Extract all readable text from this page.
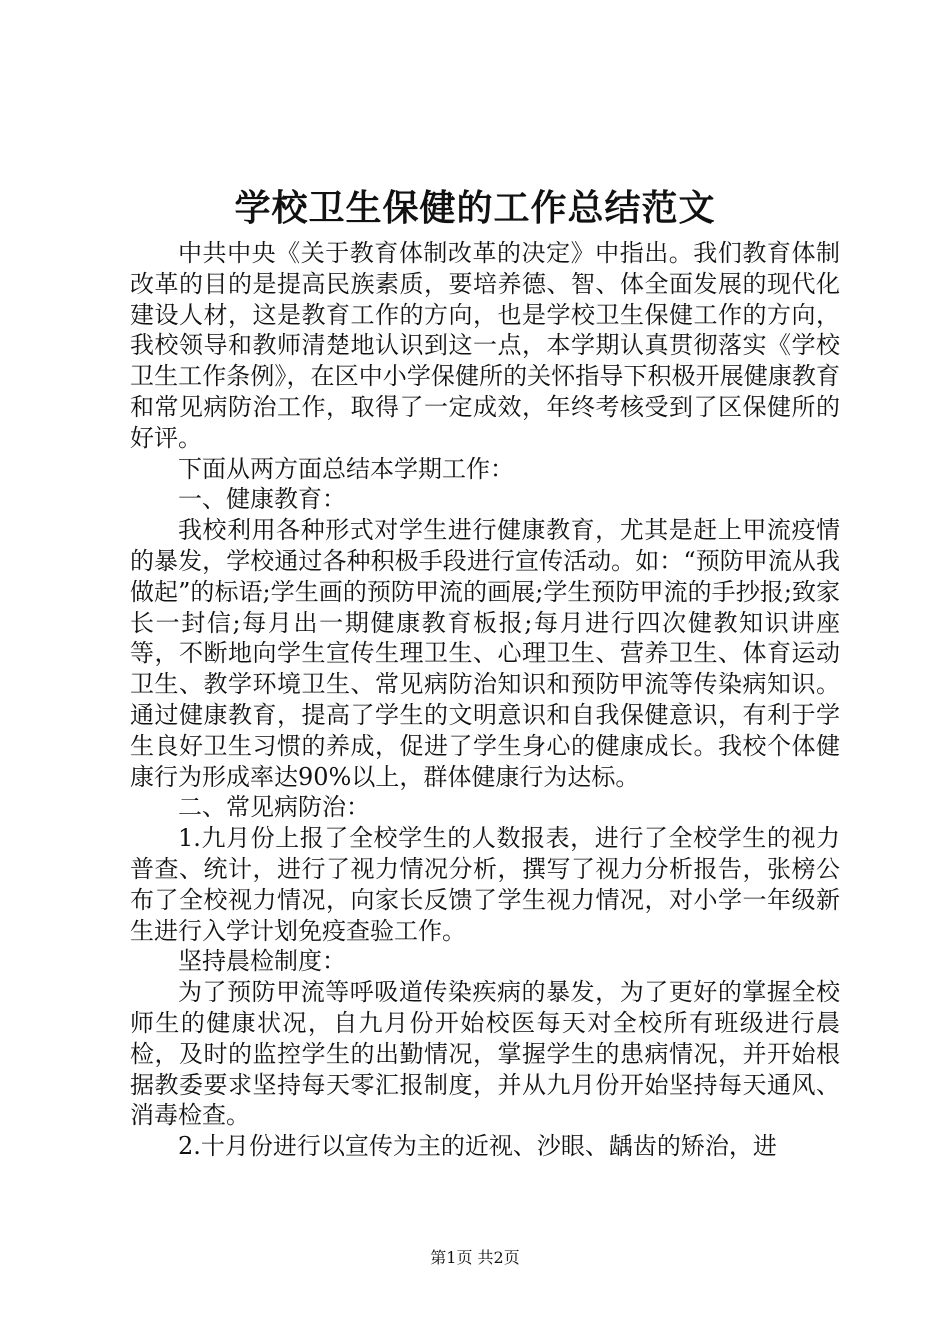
学校卫生保健的工作总结范文

中共中央《关于教育体制改革的决定》中指出。我们教育体制改革的目的是提高民族素质，要培养德、智、体全面发展的现代化建设人材，这是教育工作的方向，也是学校卫生保健工作的方向，我校领导和教师清楚地认识到这一点，本学期认真贯彻落实《学校卫生工作条例》，在区中小学保健所的关怀指导下积极开展健康教育和常见病防治工作，取得了一定成效，年终考核受到了区保健所的好评。

下面从两方面总结本学期工作：

一、健康教育：

我校利用各种形式对学生进行健康教育，尤其是赶上甲流疫情的暴发，学校通过各种积极手段进行宣传活动。如：“预防甲流从我做起”的标语;学生画的预防甲流的画展;学生预防甲流的手抄报;致家长一封信;每月出一期健康教育板报;每月进行四次健教知识讲座等，不断地向学生宣传生理卫生、心理卫生、营养卫生、体育运动卫生、教学环境卫生、常见病防治知识和预防甲流等传染病知识。通过健康教育，提高了学生的文明意识和自我保健意识，有利于学生良好卫生习惯的养成，促进了学生身心的健康成长。我校个体健康行为形成率达90%以上，群体健康行为达标。

二、常见病防治：

1.九月份上报了全校学生的人数报表，进行了全校学生的视力普查、统计，进行了视力情况分析，撰写了视力分析报告，张榜公布了全校视力情况，向家长反馈了学生视力情况，对小学一年级新生进行入学计划免疫查验工作。

坚持晨检制度：

为了预防甲流等呼吸道传染疾病的暴发，为了更好的掌握全校师生的健康状况，自九月份开始校医每天对全校所有班级进行晨检，及时的监控学生的出勤情况，掌握学生的患病情况，并开始根据教委要求坚持每天零汇报制度，并从九月份开始坚持每天通风、消毒检查。

2.十月份进行以宣传为主的近视、沙眼、龋齿的矫治，进

第1页 共2页
